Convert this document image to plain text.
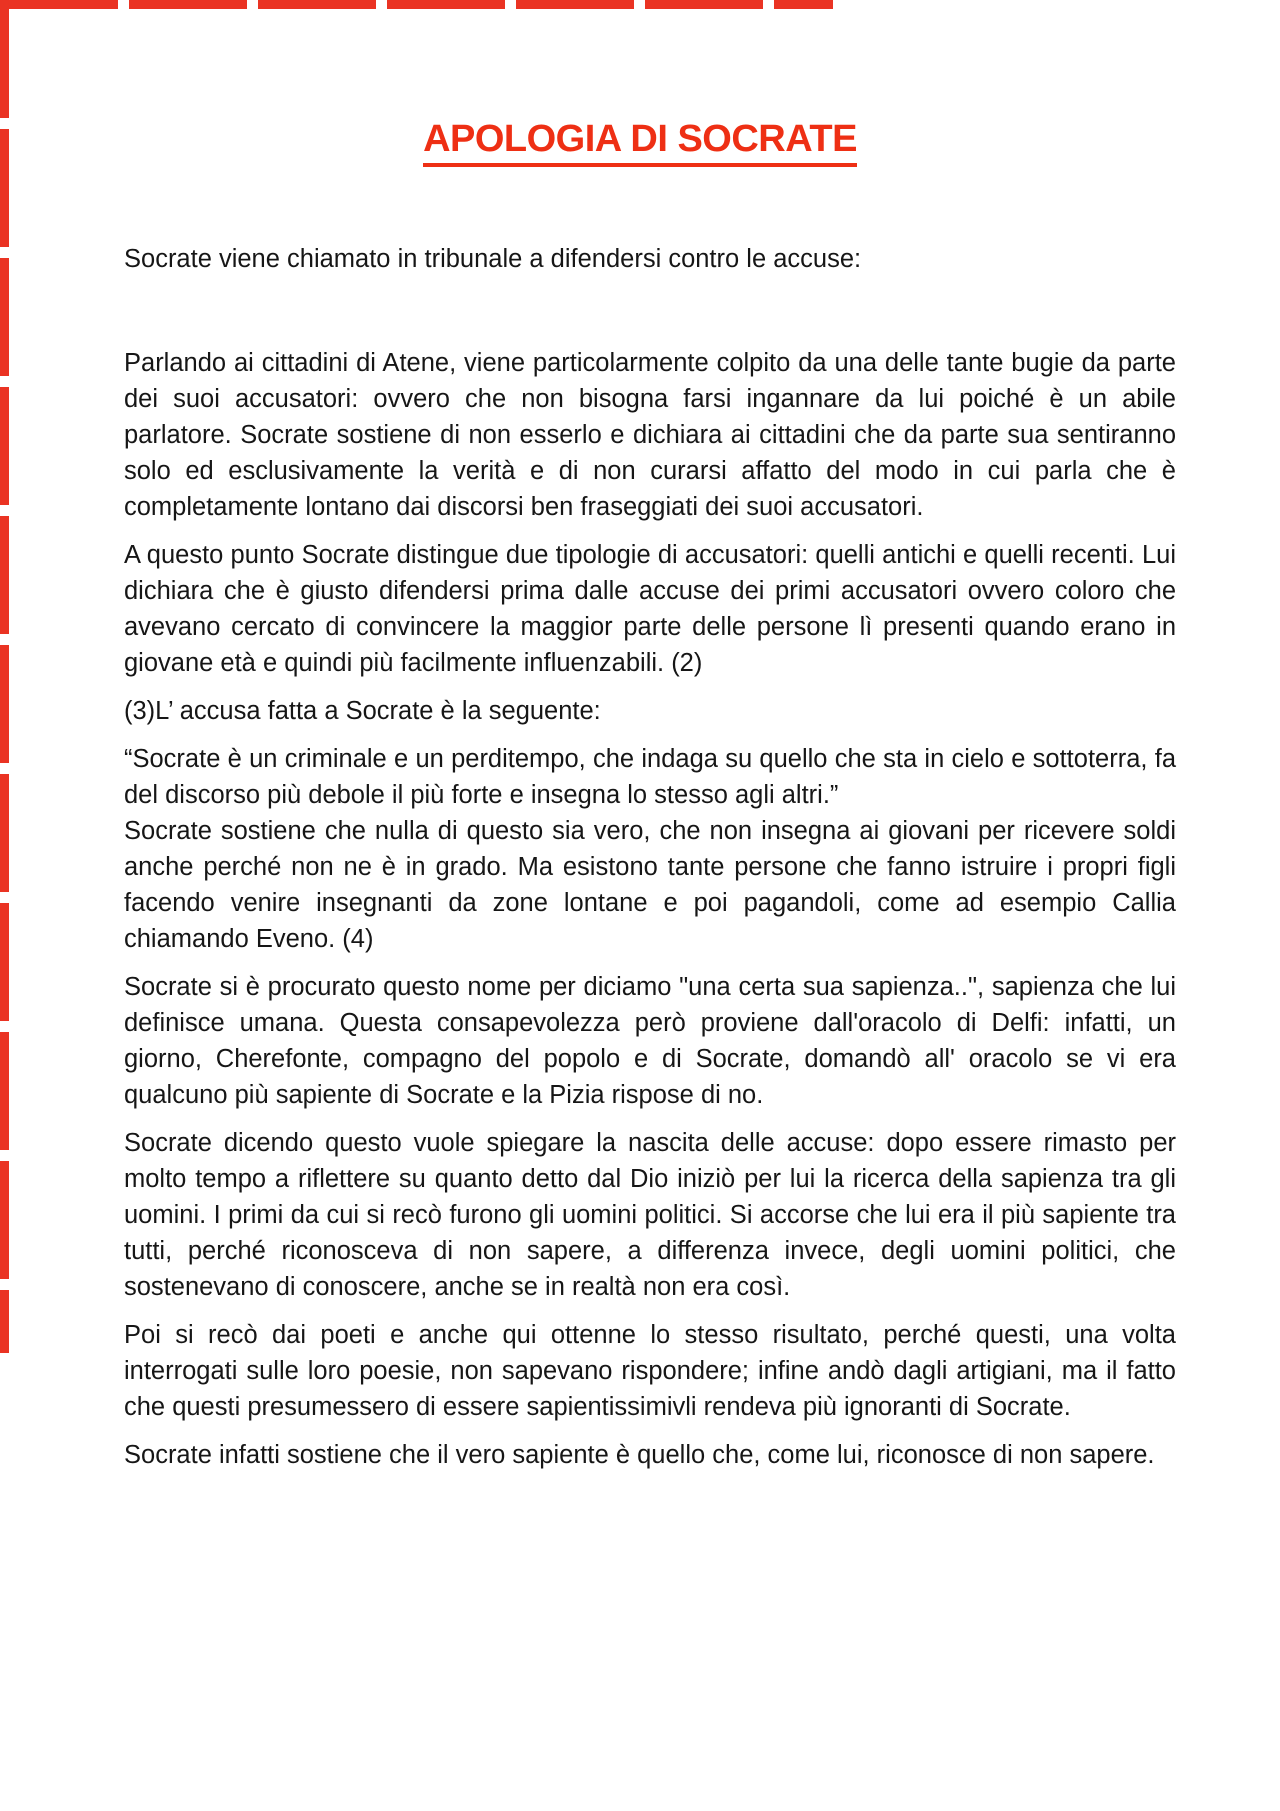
APOLOGIA DI SOCRATE

Socrate viene chiamato in tribunale a difendersi contro le accuse:

Parlando ai cittadini di Atene, viene particolarmente colpito da una delle tante bugie da parte dei suoi accusatori: ovvero che non bisogna farsi ingannare da lui poiché è un abile parlatore. Socrate sostiene di non esserlo e dichiara ai cittadini che da parte sua sentiranno solo ed esclusivamente la verità e di non curarsi affatto del modo in cui parla che è completamente lontano dai discorsi ben fraseggiati dei suoi accusatori.

A questo punto Socrate distingue due tipologie di accusatori: quelli antichi e quelli recenti. Lui dichiara che è giusto difendersi prima dalle accuse dei primi accusatori ovvero coloro che avevano cercato di convincere la maggior parte delle persone lì presenti quando erano in giovane età e quindi più facilmente influenzabili. (2)

(3)L’ accusa fatta a Socrate è la seguente:

“Socrate è un criminale e un perditempo, che indaga su quello che sta in cielo e sottoterra, fa del discorso più debole il più forte e insegna lo stesso agli altri.”

Socrate sostiene che nulla di questo sia vero, che non insegna ai giovani per ricevere soldi anche perché non ne è in grado. Ma esistono tante persone che fanno istruire i propri figli facendo venire insegnanti da zone lontane e poi pagandoli, come ad esempio Callia chiamando Eveno. (4)

Socrate si è procurato questo nome per diciamo "una certa sua sapienza..", sapienza che lui definisce umana. Questa consapevolezza però proviene dall'oracolo di Delfi: infatti, un giorno, Cherefonte, compagno del popolo e di Socrate, domandò all' oracolo se vi era qualcuno più sapiente di Socrate e la Pizia rispose di no.

Socrate dicendo questo vuole spiegare la nascita delle accuse: dopo essere rimasto per molto tempo a riflettere su quanto detto dal Dio iniziò per lui la ricerca della sapienza tra gli uomini. I primi da cui si recò furono gli uomini politici. Si accorse che lui era il più sapiente tra tutti, perché riconosceva di non sapere, a differenza invece, degli uomini politici, che sostenevano di conoscere, anche se in realtà non era così.

Poi si recò dai poeti e anche qui ottenne lo stesso risultato, perché questi, una volta interrogati sulle loro poesie, non sapevano rispondere; infine andò dagli artigiani, ma il fatto che questi presumessero di essere sapientissimivli rendeva più ignoranti di Socrate.

Socrate infatti sostiene che il vero sapiente è quello che, come lui, riconosce di non sapere.
